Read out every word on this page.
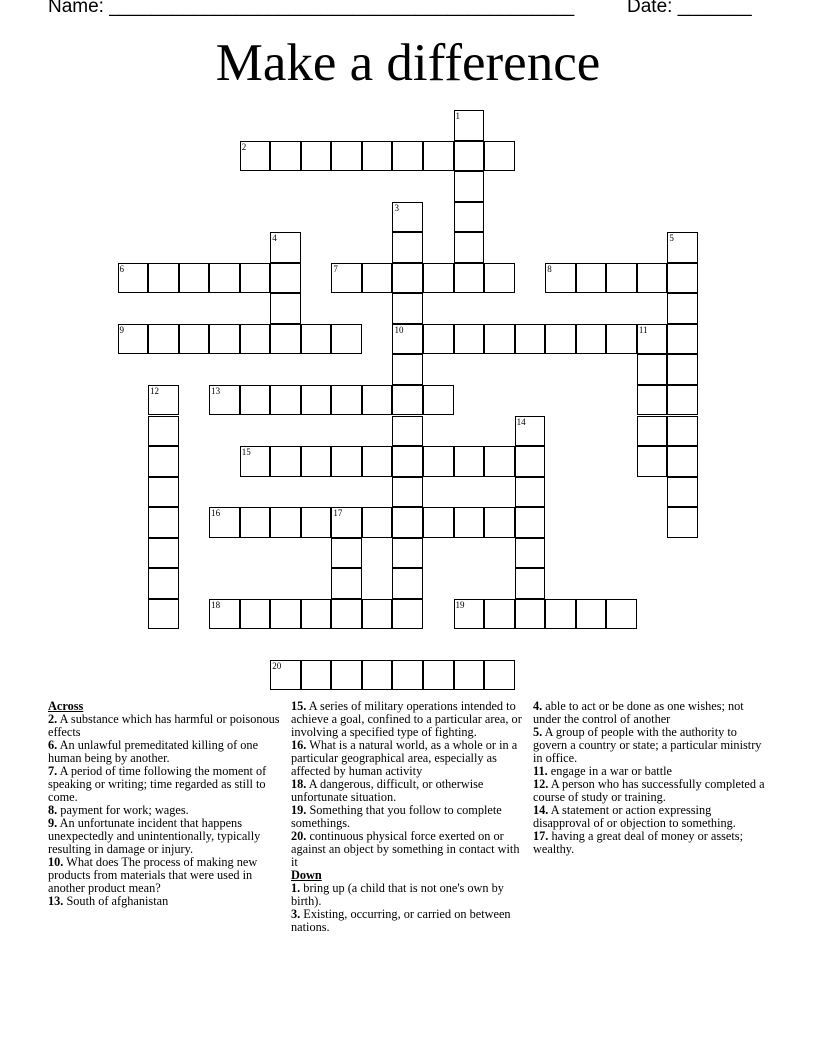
Name: ____________________________________________	Date: _______
Make a difference
1
2
3
10
4	5
6	7	8
9	11
12	13
14
15
16	17
18	19
20
Across
2. A substance which has harmful or poisonous effects
6. An unlawful premeditated killing of one human being by another.
7. A period of time following the moment of speaking or writing; time regarded as still to come.
8. payment for work; wages.
9. An unfortunate incident that happens unexpectedly and unintentionally, typically resulting in damage or injury.
10. What does The process of making new products from materials that were used in another product mean?
13. South of afghanistan
15. A series of military operations intended to achieve a goal, confined to a particular area, or involving a specified type of fighting.
16. What is a natural world, as a whole or in a particular geographical area, especially as affected by human activity
18. A dangerous, difficult, or otherwise unfortunate situation.
19. Something that you follow to complete somethings.
20. continuous physical force exerted on or against an object by something in contact with it
Down
1. bring up (a child that is not one's own by birth).
3. Existing, occurring, or carried on between nations.
4. able to act or be done as one wishes; not under the control of another
5. A group of people with the authority to govern a country or state; a particular ministry in office.
11. engage in a war or battle
12. A person who has successfully completed a course of study or training.
14. A statement or action expressing disapproval of or objection to something.
17. having a great deal of money or assets; wealthy.
